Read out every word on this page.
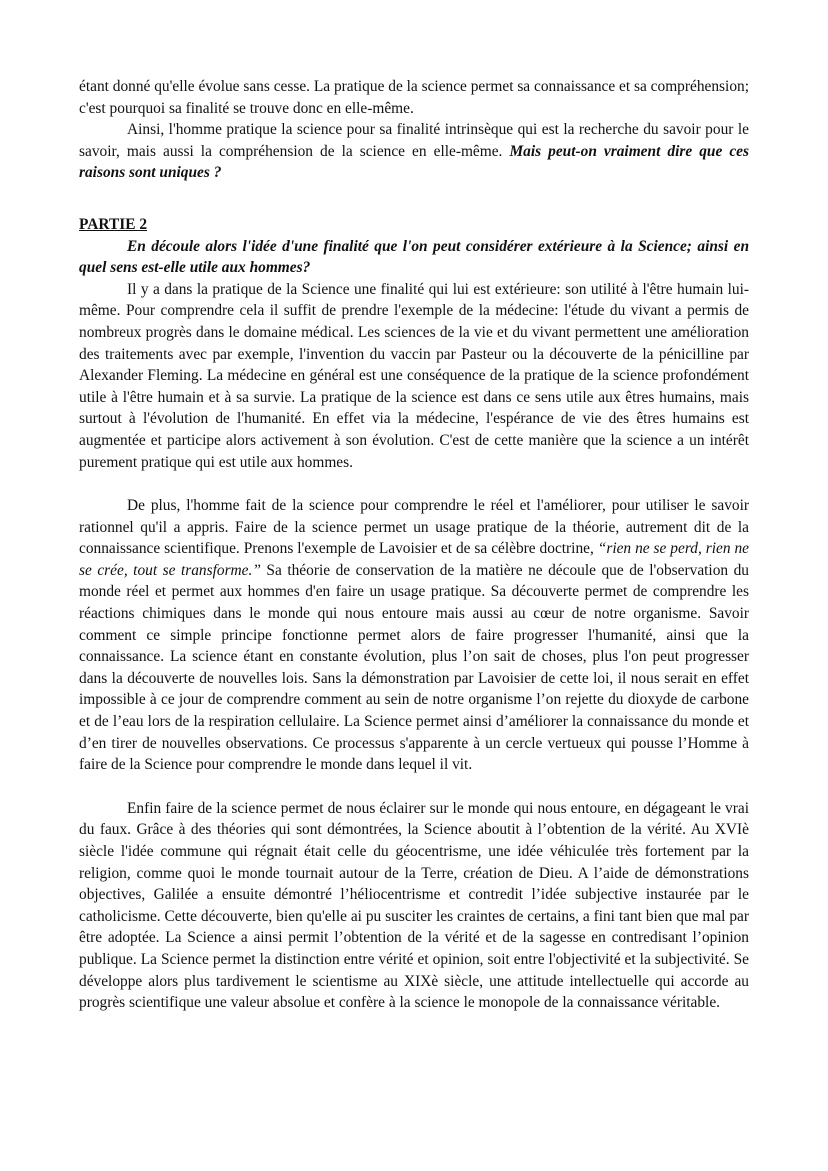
étant donné qu'elle évolue sans cesse. La pratique de la science permet sa connaissance et sa compréhension; c'est pourquoi sa finalité se trouve donc en elle-même.

Ainsi, l'homme pratique la science pour sa finalité intrinsèque qui est la recherche du savoir pour le savoir, mais aussi la compréhension de la science en elle-même. Mais peut-on vraiment dire que ces raisons sont uniques ?

PARTIE 2

En découle alors l'idée d'une finalité que l'on peut considérer extérieure à la Science; ainsi en quel sens est-elle utile aux hommes?

Il y a dans la pratique de la Science une finalité qui lui est extérieure: son utilité à l'être humain lui-même. Pour comprendre cela il suffit de prendre l'exemple de la médecine: l'étude du vivant a permis de nombreux progrès dans le domaine médical. Les sciences de la vie et du vivant permettent une amélioration des traitements avec par exemple, l'invention du vaccin par Pasteur ou la découverte de la pénicilline par Alexander Fleming. La médecine en général est une conséquence de la pratique de la science profondément utile à l'être humain et à sa survie. La pratique de la science est dans ce sens utile aux êtres humains, mais surtout à l'évolution de l'humanité. En effet via la médecine, l'espérance de vie des êtres humains est augmentée et participe alors activement à son évolution. C'est de cette manière que la science a un intérêt purement pratique qui est utile aux hommes.

De plus, l'homme fait de la science pour comprendre le réel et l'améliorer, pour utiliser le savoir rationnel qu'il a appris. Faire de la science permet un usage pratique de la théorie, autrement dit de la connaissance scientifique. Prenons l'exemple de Lavoisier et de sa célèbre doctrine, “rien ne se perd, rien ne se crée, tout se transforme.” Sa théorie de conservation de la matière ne découle que de l'observation du monde réel et permet aux hommes d'en faire un usage pratique. Sa découverte permet de comprendre les réactions chimiques dans le monde qui nous entoure mais aussi au cœur de notre organisme. Savoir comment ce simple principe fonctionne permet alors de faire progresser l'humanité, ainsi que la connaissance. La science étant en constante évolution, plus l’on sait de choses, plus l'on peut progresser dans la découverte de nouvelles lois. Sans la démonstration par Lavoisier de cette loi, il nous serait en effet impossible à ce jour de comprendre comment au sein de notre organisme l’on rejette du dioxyde de carbone et de l’eau lors de la respiration cellulaire. La Science permet ainsi d’améliorer la connaissance du monde et d’en tirer de nouvelles observations. Ce processus s'apparente à un cercle vertueux qui pousse l’Homme à faire de la Science pour comprendre le monde dans lequel il vit.

Enfin faire de la science permet de nous éclairer sur le monde qui nous entoure, en dégageant le vrai du faux. Grâce à des théories qui sont démontrées, la Science aboutit à l’obtention de la vérité. Au XVIè siècle l'idée commune qui régnait était celle du géocentrisme, une idée véhiculée très fortement par la religion, comme quoi le monde tournait autour de la Terre, création de Dieu. A l’aide de démonstrations objectives, Galilée a ensuite démontré l’héliocentrisme et contredit l’idée subjective instaurée par le catholicisme. Cette découverte, bien qu'elle ai pu susciter les craintes de certains, a fini tant bien que mal par être adoptée. La Science a ainsi permit l’obtention de la vérité et de la sagesse en contredisant l’opinion publique. La Science permet la distinction entre vérité et opinion, soit entre l'objectivité et la subjectivité. Se développe alors plus tardivement le scientisme au XIXè siècle, une attitude intellectuelle qui accorde au progrès scientifique une valeur absolue et confère à la science le monopole de la connaissance véritable.
